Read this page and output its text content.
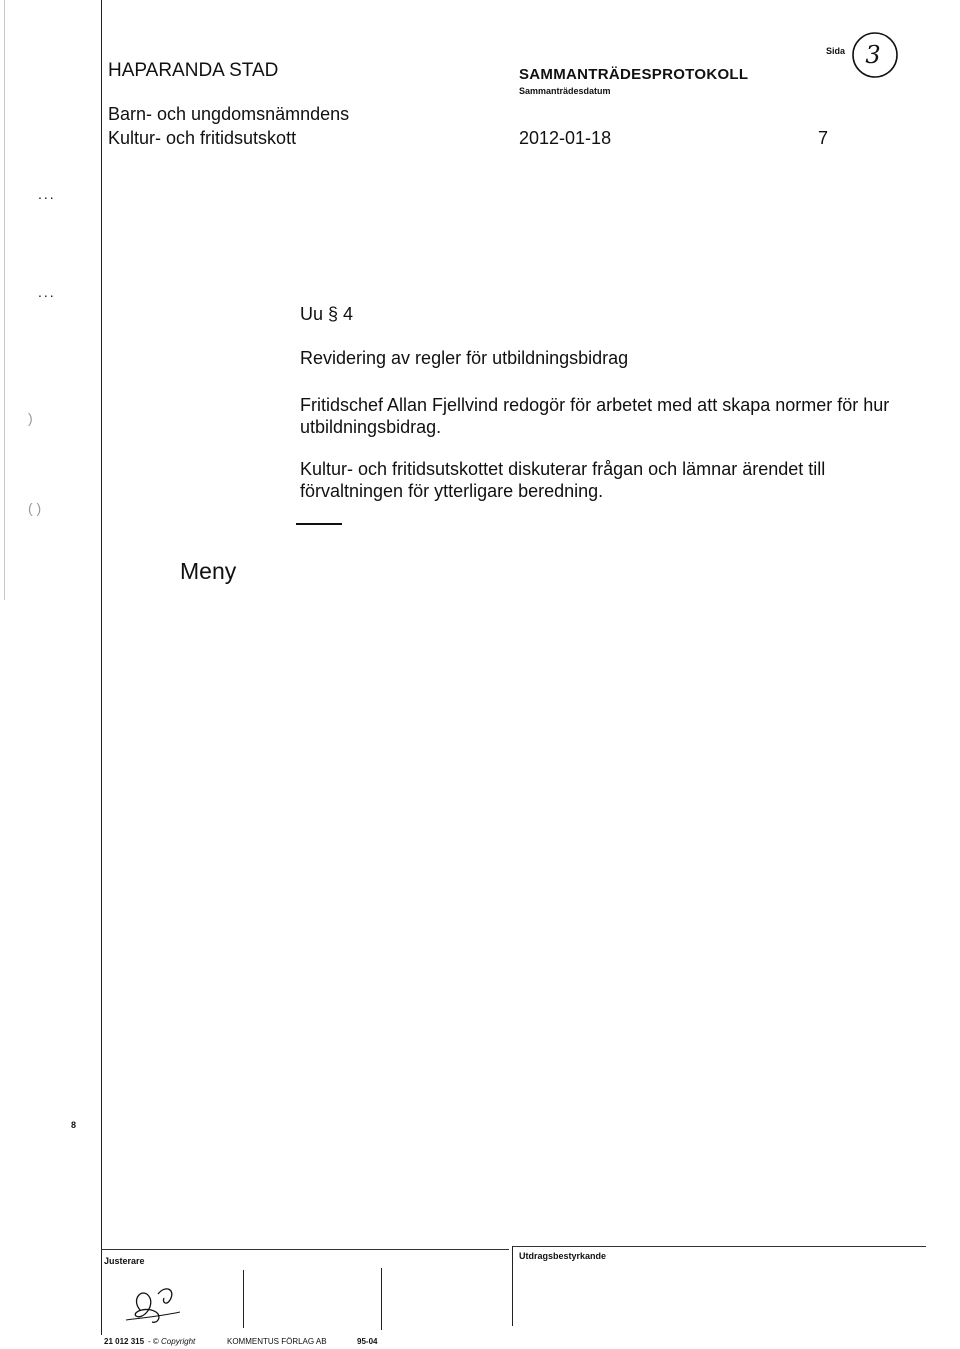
HAPARANDA STAD
Barn- och ungdomsnämndens
Kultur- och fritidsutskott
SAMMANTRÄDESPROTOKOLL
Sammanträdesdatum
2012-01-18
Sida 3
7
...
...
Uu § 4
Revidering av regler för utbildningsbidrag
Fritidschef Allan Fjellvind redogör för arbetet med att skapa normer för hur utbildningsbidrag.
Kultur- och fritidsutskottet diskuterar frågan och lämnar ärendet till förvaltningen för ytterligare beredning.
Meny
8
)
( )
Justerare	Utdragsbestyrkande
21 012 315 - © Copyright	KOMMENTUS FÖRLAG AB	95-04
